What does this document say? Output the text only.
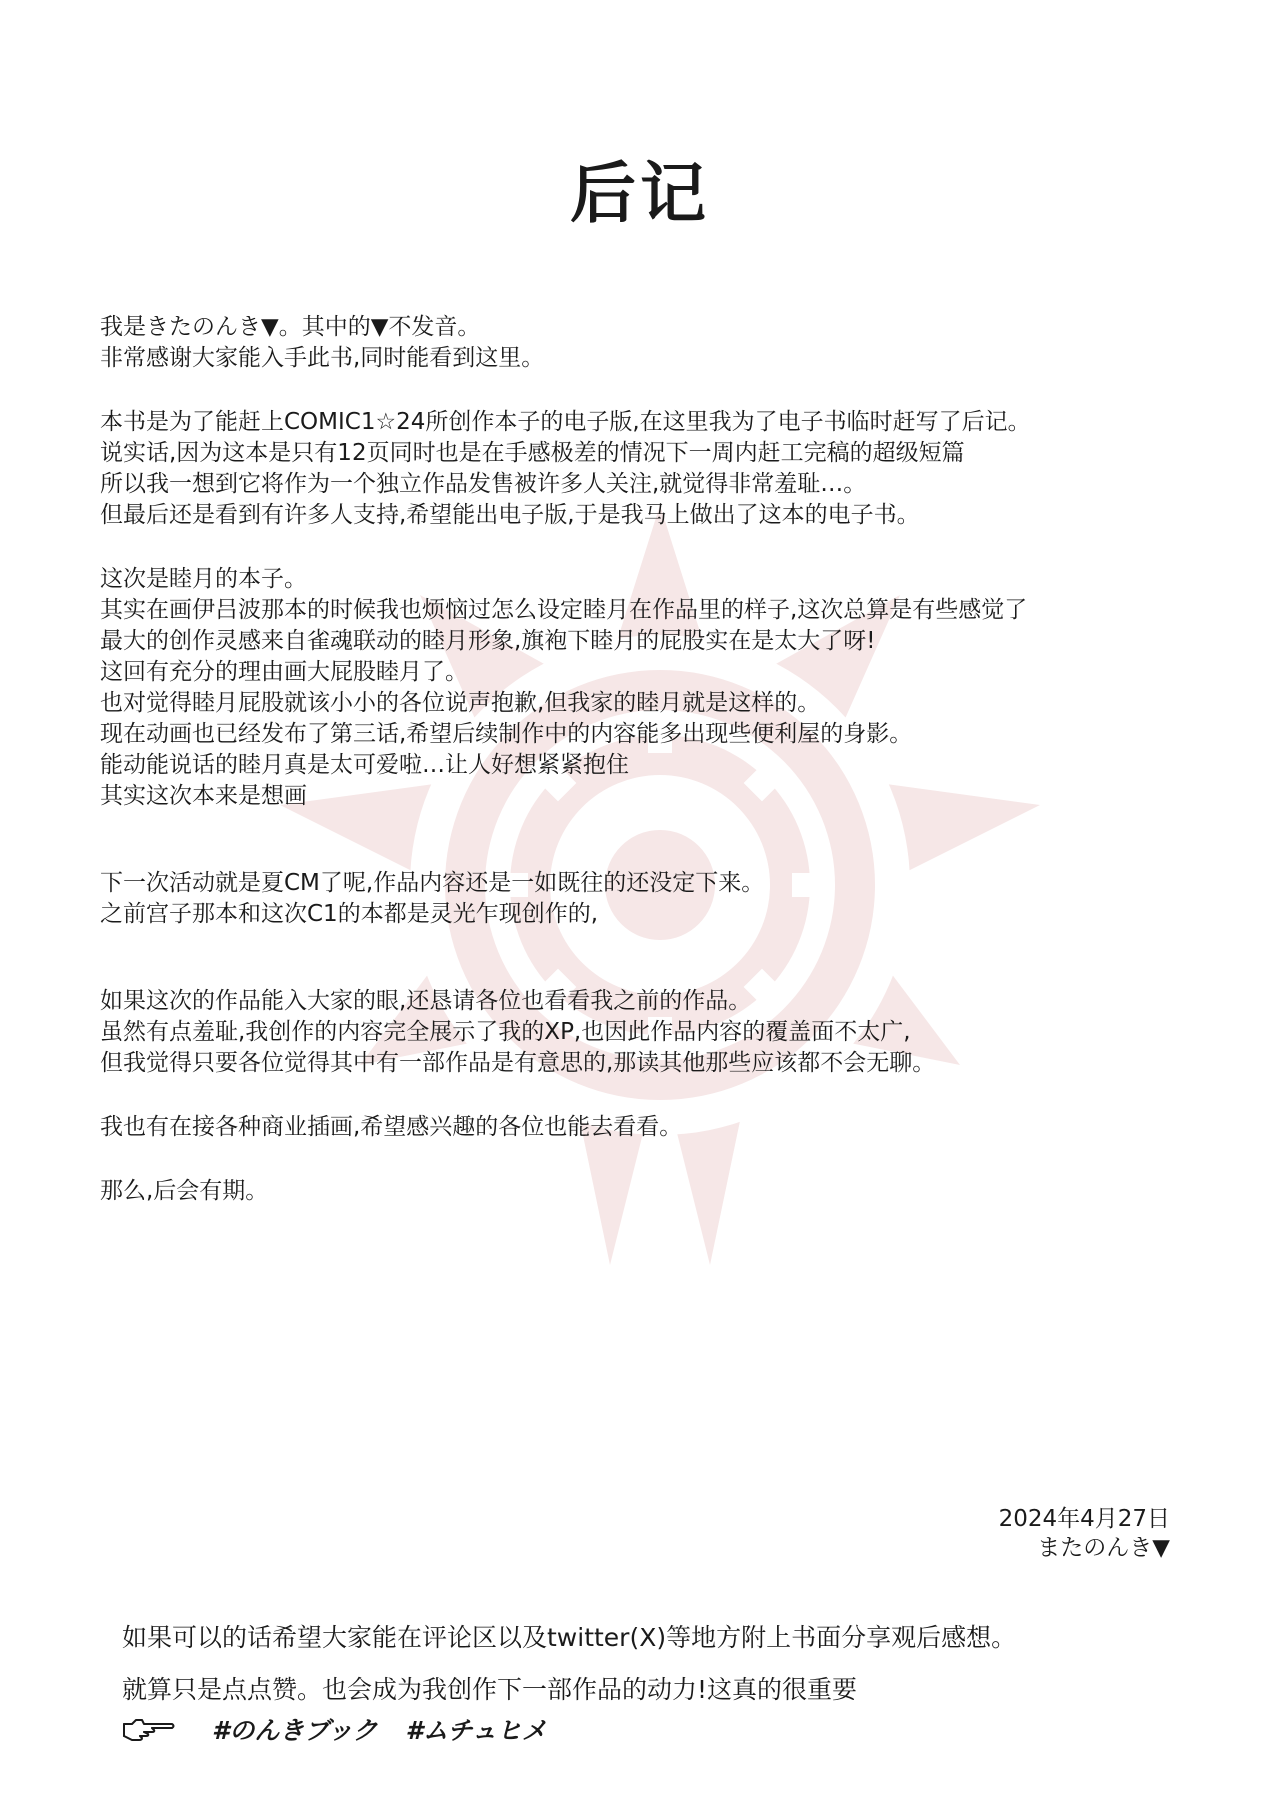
后记
我是きたのんき▼。其中的▼不发音。
非常感谢大家能入手此书,同时能看到这里。
本书是为了能赶上COMIC1☆24所创作本子的电子版,在这里我为了电子书临时赶写了后记。
说实话,因为这本是只有12页同时也是在手感极差的情况下一周内赶工完稿的超级短篇
所以我一想到它将作为一个独立作品发售被许多人关注,就觉得非常羞耻…。
但最后还是看到有许多人支持,希望能出电子版,于是我马上做出了这本的电子书。
这次是睦月的本子。
其实在画伊吕波那本的时候我也烦恼过怎么设定睦月在作品里的样子,这次总算是有些感觉了
最大的创作灵感来自雀魂联动的睦月形象,旗袍下睦月的屁股实在是太大了呀!
这回有充分的理由画大屁股睦月了。
也对觉得睦月屁股就该小小的各位说声抱歉,但我家的睦月就是这样的。
现在动画也已经发布了第三话,希望后续制作中的内容能多出现些便利屋的身影。
能动能说话的睦月真是太可爱啦…让人好想紧紧抱住
其实这次本来是想画
下一次活动就是夏CM了呢,作品内容还是一如既往的还没定下来。
之前宫子那本和这次C1的本都是灵光乍现创作的,
如果这次的作品能入大家的眼,还恳请各位也看看我之前的作品。
虽然有点羞耻,我创作的内容完全展示了我的XP,也因此作品内容的覆盖面不太广,
但我觉得只要各位觉得其中有一部作品是有意思的,那读其他那些应该都不会无聊。
我也有在接各种商业插画,希望感兴趣的各位也能去看看。
那么,后会有期。
2024年4月27日
またのんき▼
如果可以的话希望大家能在评论区以及twitter(X)等地方附上书面分享观后感想。
就算只是点点赞。也会成为我创作下一部作品的动力!这真的很重要
#のんきブック #ムチュヒメ
